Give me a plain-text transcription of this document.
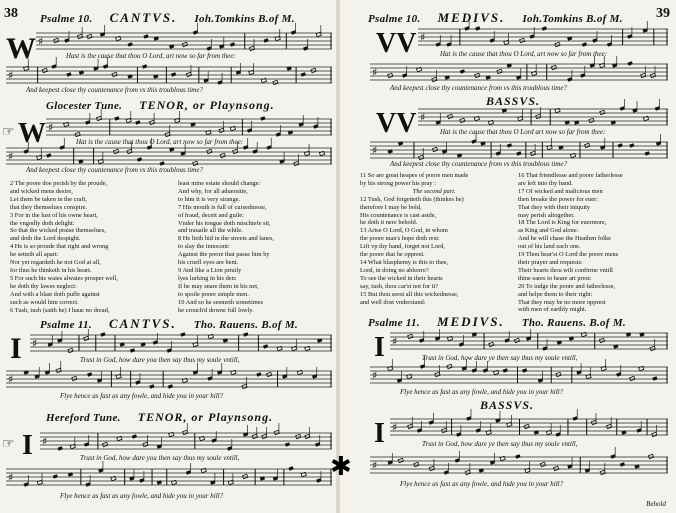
38 Psalme 10. CANTVS. Ioh.Tomkins B.of M.
W ♯
Hast is the cause that thou O Lord, art now so far from thee:
♯
And keepest close thy countenance from vs this troublous time?
Glocester Tune. TENOR, or Playnsong.
☞ W ♯
Hat is the cause that thou O Lord, art now so far from thee:
♯
And keepest close thy countenance from vs this troublous time?
2 The poore doe perish by the proude,
and wicked mens desire,
Let them be taken in the craft,
that they themselues conspire.
3 For in the lust of his owne heart,
the vngodly doth delight:
So that the wicked praise themselues,
and doth the Lord despight.
4 He is so proude that right and wrong
he setteth all apart:
Nor yet regardeth he not God at all,
for thus he thinketh in his heart.
5 For such his waies alwaies prosper well,
he doth thy lawes neglect:
And with a blast doth puffe against
such as would him correct.
6 Tush, tush (saith he) I haue no dread,
least mine estate should change:
And why, for all aduersitie,
to him it is very strange.
7 His mouth is full of cursednesse,
of fraud, deceit and guile:
Vnder his tongue doth mischiefe sit,
and trauaile all the while.
8 He lieth hid in the streets and lanes,
to slay the innocent:
Against the poore that passe him by
his cruell eyes are bent.
9 And like a Lion priuily
lyes lurking in his den:
If he may snare them in his net,
to spoile poore simple men.
10 And so he seemeth sometimes
he crouch'd downe full lowly.
Psalme 11. CANTVS. Tho. Rauens. B.of M.
I ♯
Trust in God, how dare you then say thus my soule vntill,
♯
Flye hence as fast as any fowle, and hide you in your hill?
Hereford Tune. TENOR, or Playnsong.
☞ I ♯
Trust in God, how dare you then say thus my soule vntill,
♯
Flye hence as fast as any fowle, and hide you in your hill?
✱
39
Psalme 10. MEDIVS. Ioh.Tomkins B.of M.
VV ♯
Hat is the cause that thou O Lord, art now so far from thee:
♯
And keepest close thy countenance from vs this troublous time?
BASSVS.
VV ♯
Hat is the cause that thou O Lord art now so far from thee:
♯
And keepest close thy countenance from vs this troublous time?
11 So are great heapes of poore men made
by his strong power his pray :
The second part.
12 Tush, God forgetteth this (thinkes he)
therefore I may be bold,
His countenance is cast aside,
he doth it nere behold.
13 Arise O Lord, O God, in whom
the poore man's hope doth rest:
Lift vp thy hand, forget not Lord,
the poore that be opprest.
14 What blasphemy is this to thee,
Lord, in doing no abhorre?
To see the wicked in their hearts
say, tush, thou car'st not for it?
15 But thou seest all this wickednesse,
and well dost vnderstand:
16 That friendlesse and poore fatherlesse
are left into thy hand.
17 Of wicked and malicious men
then breake the power for euer:
That they with their iniquity
may perish altogether.
18 The Lord is King for euermore,
as King and God alone:
And he will chase the Heathen folke
out of his land each one.
19 Thou hear'st O Lord the poore mens
their prayer and requests:
Their hearts thou wilt confirme vntill
thine eares to heare art prest:
20 To iudge the poore and fatherlesse,
and helpe them to their right:
That they may be no more opprest
with men of earthly might.
Psalme 11. MEDIVS. Tho. Rauens. B.of M.
I ♯
Trust in God, how dare ye then say thus my soule vntill,
♯
Flye hence as fast as any fowle, and hide you in your hill?
BASSVS.
I ♯
Trust in God, how dare ye then say thus my soule vntill,
♯
Flye hence as fast as any fowle, and hide you in your hill?
Behold
